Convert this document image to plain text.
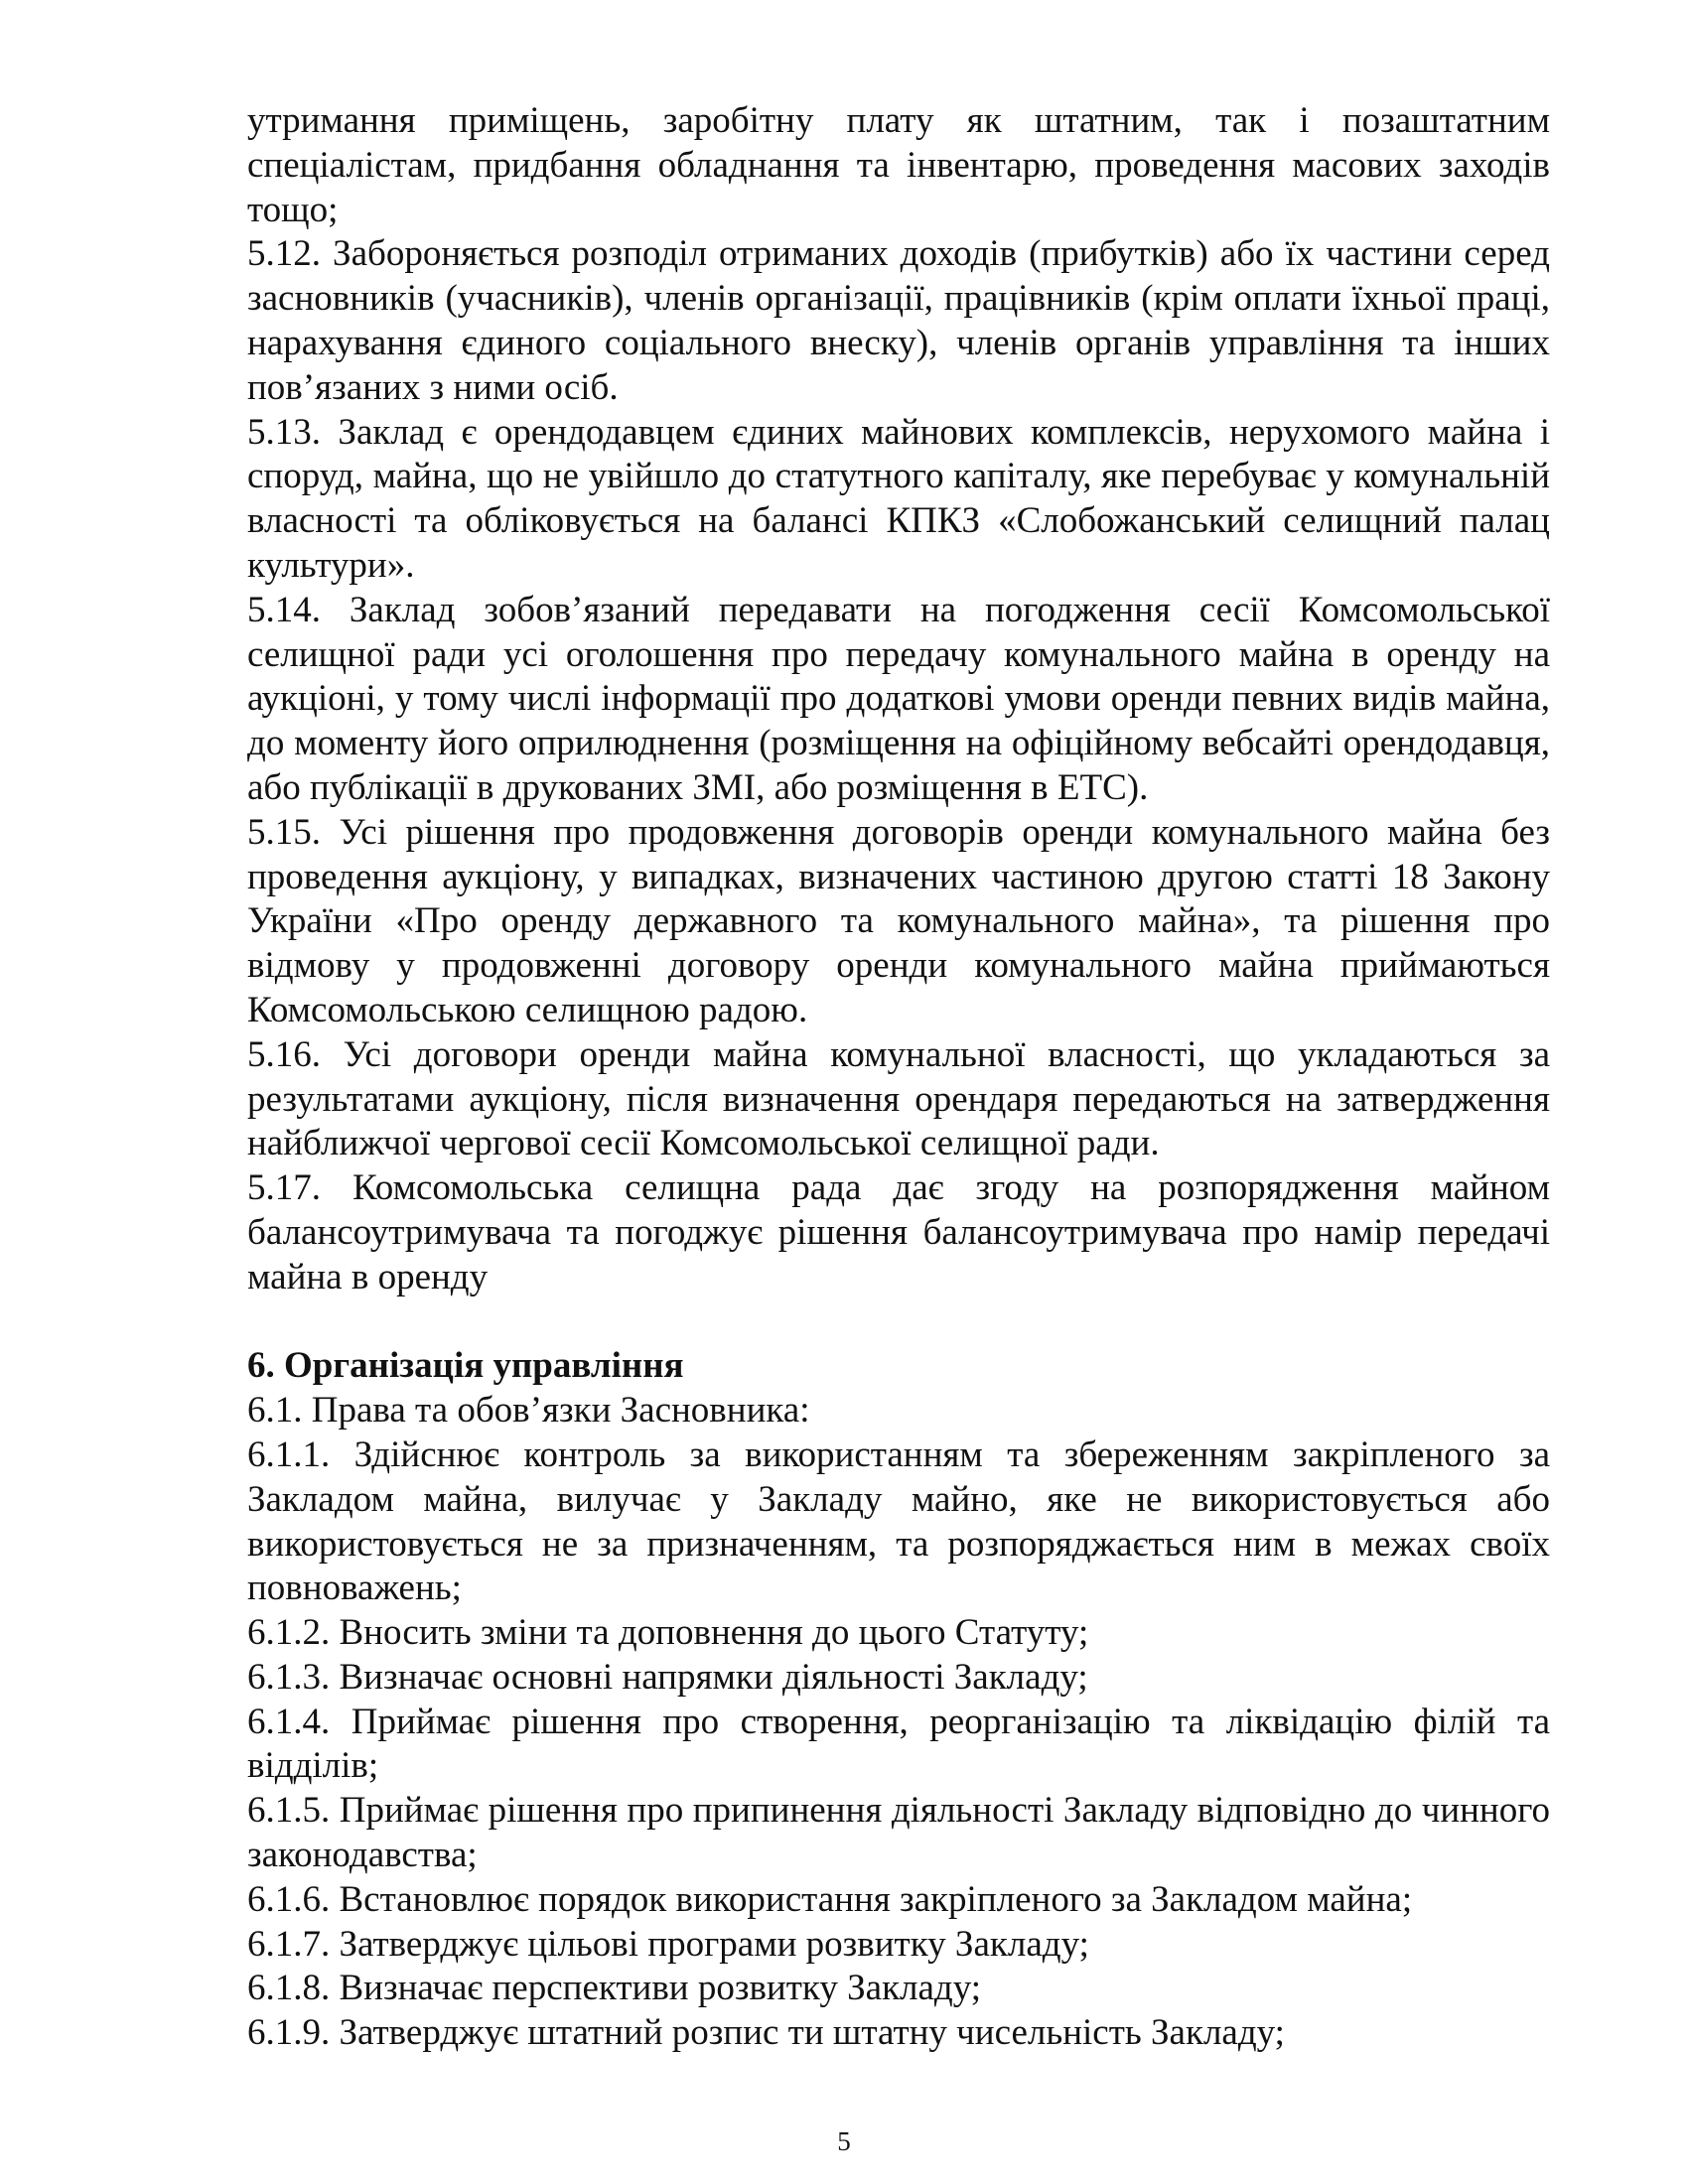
утримання приміщень, заробітну плату як штатним, так і позаштатним спеціалістам, придбання обладнання та інвентарю, проведення масових заходів тощо;

5.12. Забороняється розподіл отриманих доходів (прибутків) або їх частини серед засновників (учасників), членів організації, працівників (крім оплати їхньої праці, нарахування єдиного соціального внеску), членів органів управління та інших пов’язаних з ними осіб.

5.13. Заклад є орендодавцем єдиних майнових комплексів, нерухомого майна і споруд, майна, що не увійшло до статутного капіталу, яке перебуває у комунальній власності та обліковується на балансі КПКЗ «Слобожанський селищний палац культури».

5.14. Заклад зобов’язаний передавати на погодження сесії Комсомольської селищної ради усі оголошення про передачу комунального майна в оренду на аукціоні, у тому числі інформації про додаткові умови оренди певних видів майна, до моменту його оприлюднення (розміщення на офіційному вебсайті орендодавця, або публікації в друкованих ЗМІ, або розміщення в ЕТС).

5.15. Усі рішення про продовження договорів оренди комунального майна без проведення аукціону, у випадках, визначених частиною другою статті 18 Закону України «Про оренду державного та комунального майна», та рішення про відмову у продовженні договору оренди комунального майна приймаються Комсомольською селищною радою.

5.16. Усі договори оренди майна комунальної власності, що укладаються за результатами аукціону, після визначення орендаря передаються на затвердження найближчої чергової сесії Комсомольської селищної ради.

5.17. Комсомольська селищна рада дає згоду на розпорядження майном балансоутримувача та погоджує рішення балансоутримувача про намір передачі майна в оренду

6. Організація управління

6.1. Права та обов’язки Засновника:

6.1.1. Здійснює контроль за використанням та збереженням закріпленого за Закладом майна, вилучає у Закладу майно, яке не використовується або використовується не за призначенням, та розпоряджається ним в межах своїх повноважень;

6.1.2. Вносить зміни та доповнення до цього Статуту;

6.1.3. Визначає основні напрямки діяльності Закладу;

6.1.4. Приймає рішення про створення, реорганізацію та ліквідацію філій та відділів;

6.1.5. Приймає рішення про припинення діяльності Закладу відповідно до чинного законодавства;

6.1.6. Встановлює порядок використання закріпленого за Закладом майна;

6.1.7. Затверджує цільові програми розвитку Закладу;

6.1.8. Визначає перспективи розвитку Закладу;

6.1.9. Затверджує штатний розпис ти штатну чисельність Закладу;

5
